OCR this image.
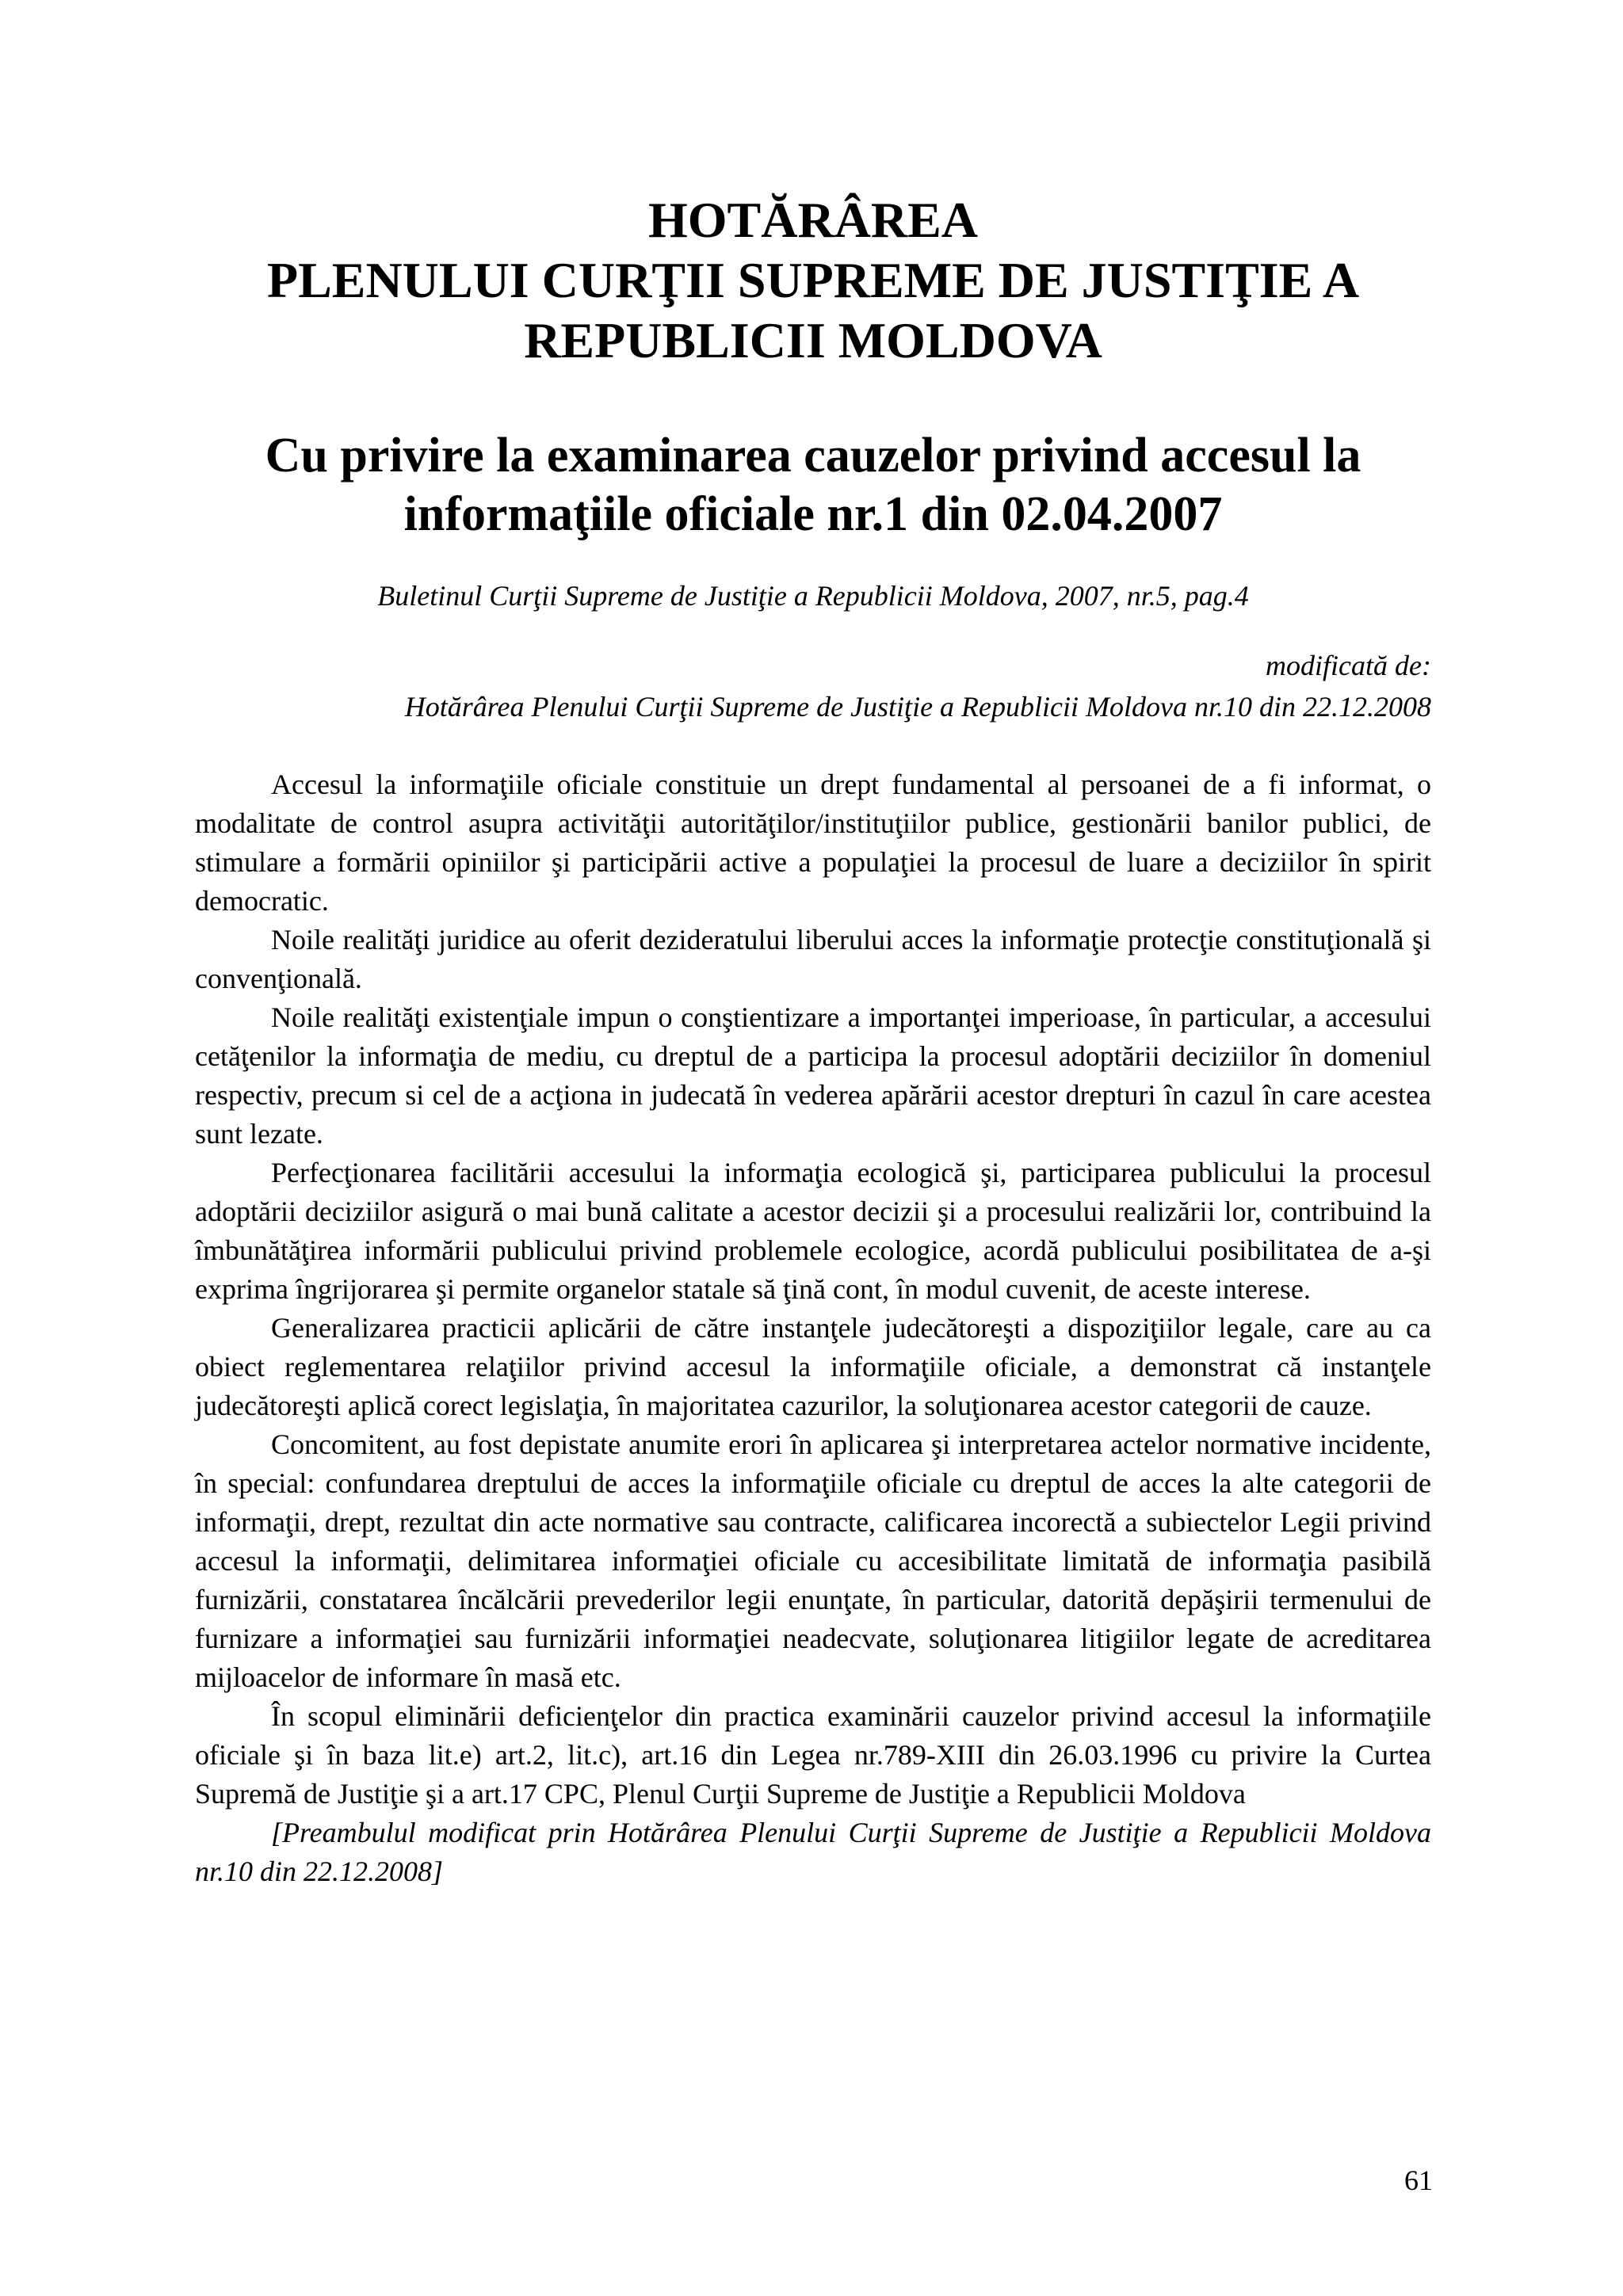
HOTĂRÂREA
PLENULUI CURŢII SUPREME DE JUSTIŢIE A
REPUBLICII MOLDOVA
Cu privire la examinarea cauzelor privind accesul la
informaţiile oficiale nr.1 din 02.04.2007
Buletinul Curţii Supreme de Justiţie a Republicii Moldova, 2007, nr.5, pag.4
modificată de:
Hotărârea Plenului Curţii Supreme de Justiţie a Republicii Moldova nr.10 din 22.12.2008

Accesul la informaţiile oficiale constituie un drept fundamental al persoanei de a fi informat, o modalitate de control asupra activităţii autorităţilor/instituţiilor publice, gestionării banilor publici, de stimulare a formării opiniilor şi participării active a populaţiei la procesul de luare a deciziilor în spirit democratic.

Noile realităţi juridice au oferit dezideratului liberului acces la informaţie protecţie constituţională şi convenţională.

Noile realităţi existenţiale impun o conştientizare a importanţei imperioase, în particular, a accesului cetăţenilor la informaţia de mediu, cu dreptul de a participa la procesul adoptării deciziilor în domeniul respectiv, precum si cel de a acţiona in judecată în vederea apărării acestor drepturi în cazul în care acestea sunt lezate.

Perfecţionarea facilitării accesului la informaţia ecologică şi, participarea publicului la procesul adoptării deciziilor asigură o mai bună calitate a acestor decizii şi a procesului realizării lor, contribuind la îmbunătăţirea informării publicului privind problemele ecologice, acordă publicului posibilitatea de a-şi exprima îngrijorarea şi permite organelor statale să ţină cont, în modul cuvenit, de aceste interese.

Generalizarea practicii aplicării de către instanţele judecătoreşti a dispoziţiilor legale, care au ca obiect reglementarea relaţiilor privind accesul la informaţiile oficiale, a demonstrat că instanţele judecătoreşti aplică corect legislaţia, în majoritatea cazurilor, la soluţionarea acestor categorii de cauze.

Concomitent, au fost depistate anumite erori în aplicarea şi interpretarea actelor normative incidente, în special: confundarea dreptului de acces la informaţiile oficiale cu dreptul de acces la alte categorii de informaţii, drept, rezultat din acte normative sau contracte, calificarea incorectă a subiectelor Legii privind accesul la informaţii, delimitarea informaţiei oficiale cu accesibilitate limitată de informaţia pasibilă furnizării, constatarea încălcării prevederilor legii enunţate, în particular, datorită depăşirii termenului de furnizare a informaţiei sau furnizării informaţiei neadecvate, soluţionarea litigiilor legate de acreditarea mijloacelor de informare în masă etc.

În scopul eliminării deficienţelor din practica examinării cauzelor privind accesul la informaţiile oficiale şi în baza lit.e) art.2, lit.c), art.16 din Legea nr.789-XIII din 26.03.1996 cu privire la Curtea Supremă de Justiţie şi a art.17 CPC, Plenul Curţii Supreme de Justiţie a Republicii Moldova

[Preambulul modificat prin Hotărârea Plenului Curţii Supreme de Justiţie a Republicii Moldova nr.10 din 22.12.2008]

61
